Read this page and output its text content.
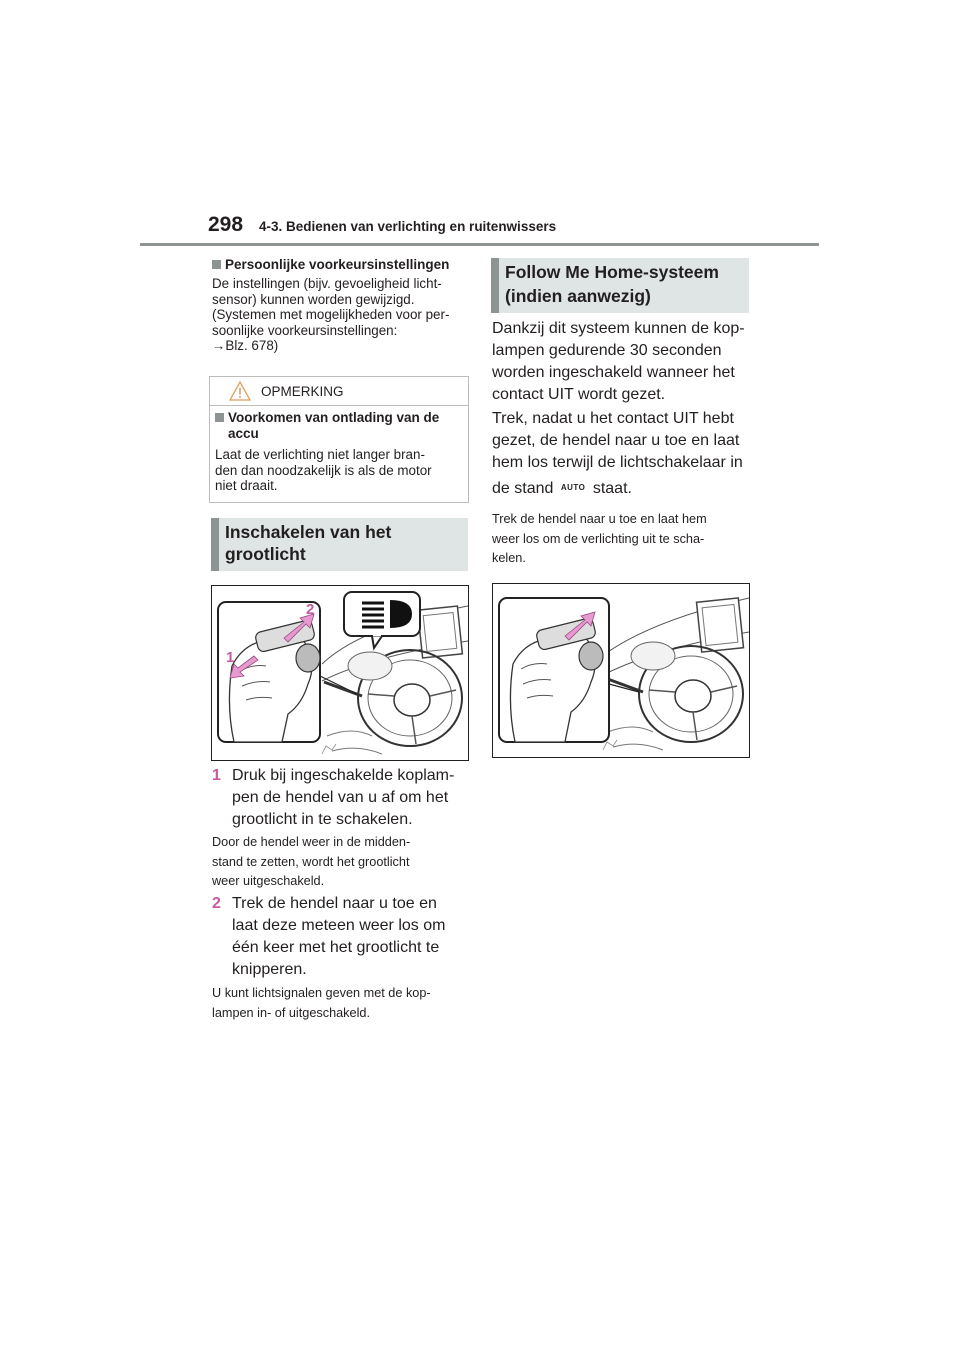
298 4-3. Bedienen van verlichting en ruitenwissers
Persoonlijke voorkeursinstellingen
De instellingen (bijv. gevoeligheid licht-
sensor) kunnen worden gewijzigd.
(Systemen met mogelijkheden voor per-
soonlijke voorkeursinstellingen:
→Blz. 678)
OPMERKING
Voorkomen van ontlading van de
accu
Laat de verlichting niet langer bran-
den dan noodzakelijk is als de motor
niet draait.
Inschakelen van het
grootlicht
2
1
1 Druk bij ingeschakelde koplam-
pen de hendel van u af om het
grootlicht in te schakelen.
Door de hendel weer in de midden-
stand te zetten, wordt het grootlicht
weer uitgeschakeld.
2 Trek de hendel naar u toe en
laat deze meteen weer los om
één keer met het grootlicht te
knipperen.
U kunt lichtsignalen geven met de kop-
lampen in- of uitgeschakeld.
Follow Me Home-systeem
(indien aanwezig)
Dankzij dit systeem kunnen de kop-
lampen gedurende 30 seconden
worden ingeschakeld wanneer het
contact UIT wordt gezet.
Trek, nadat u het contact UIT hebt
gezet, de hendel naar u toe en laat
hem los terwijl de lichtschakelaar in
de stand AUTO staat.
Trek de hendel naar u toe en laat hem
weer los om de verlichting uit te scha-
kelen.
